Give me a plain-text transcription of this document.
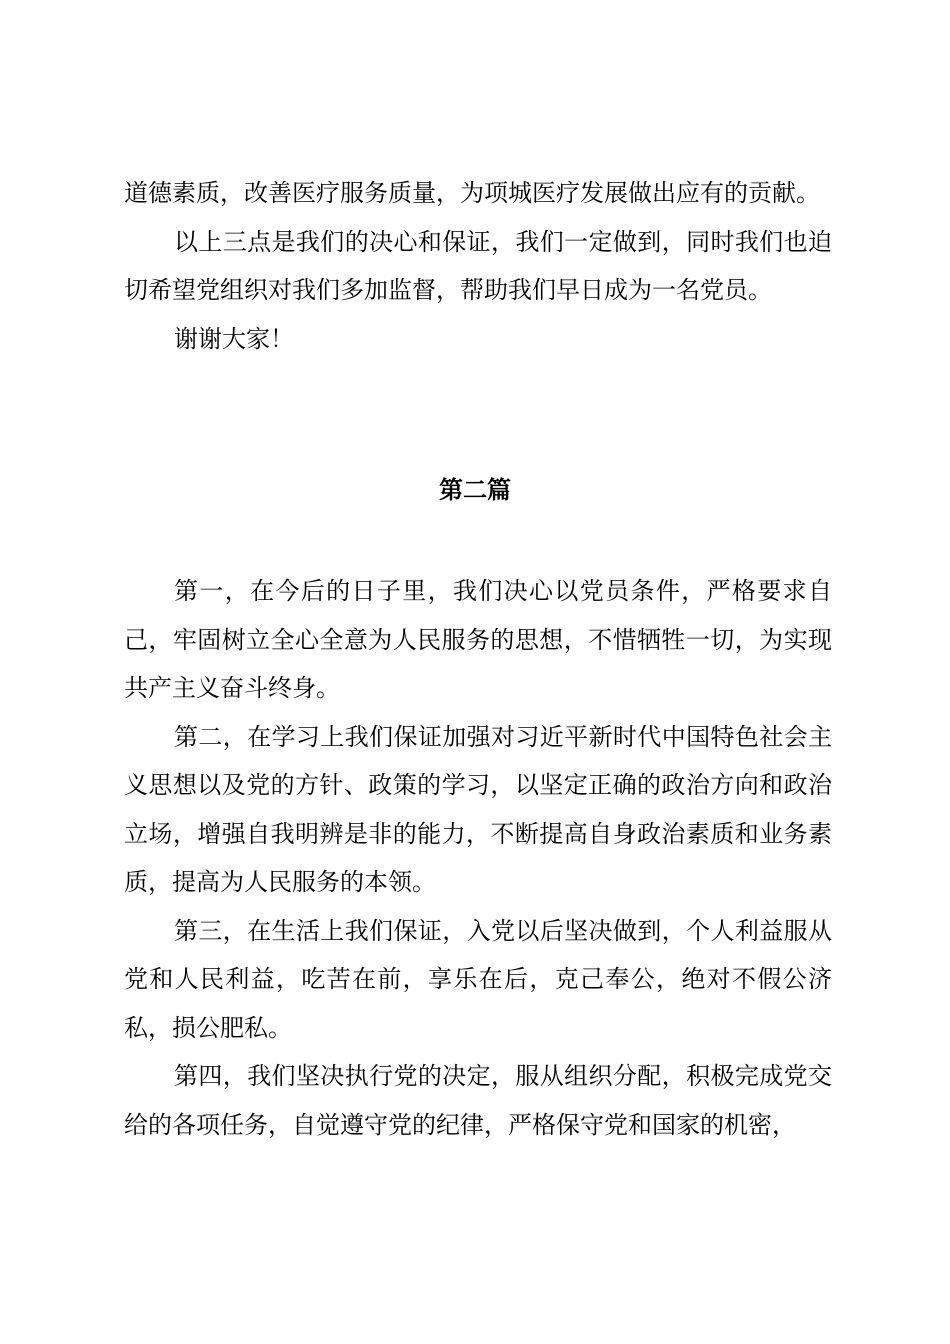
道德素质，改善医疗服务质量，为项城医疗发展做出应有的贡献。

以上三点是我们的决心和保证，我们一定做到，同时我们也迫切希望党组织对我们多加监督，帮助我们早日成为一名党员。

谢谢大家！

第二篇

第一，在今后的日子里，我们决心以党员条件，严格要求自己，牢固树立全心全意为人民服务的思想，不惜牺牲一切，为实现共产主义奋斗终身。

第二，在学习上我们保证加强对习近平新时代中国特色社会主义思想以及党的方针、政策的学习，以坚定正确的政治方向和政治立场，增强自我明辨是非的能力，不断提高自身政治素质和业务素质，提高为人民服务的本领。

第三，在生活上我们保证，入党以后坚决做到，个人利益服从党和人民利益，吃苦在前，享乐在后，克己奉公，绝对不假公济私，损公肥私。

第四，我们坚决执行党的决定，服从组织分配，积极完成党交给的各项任务，自觉遵守党的纪律，严格保守党和国家的机密，
